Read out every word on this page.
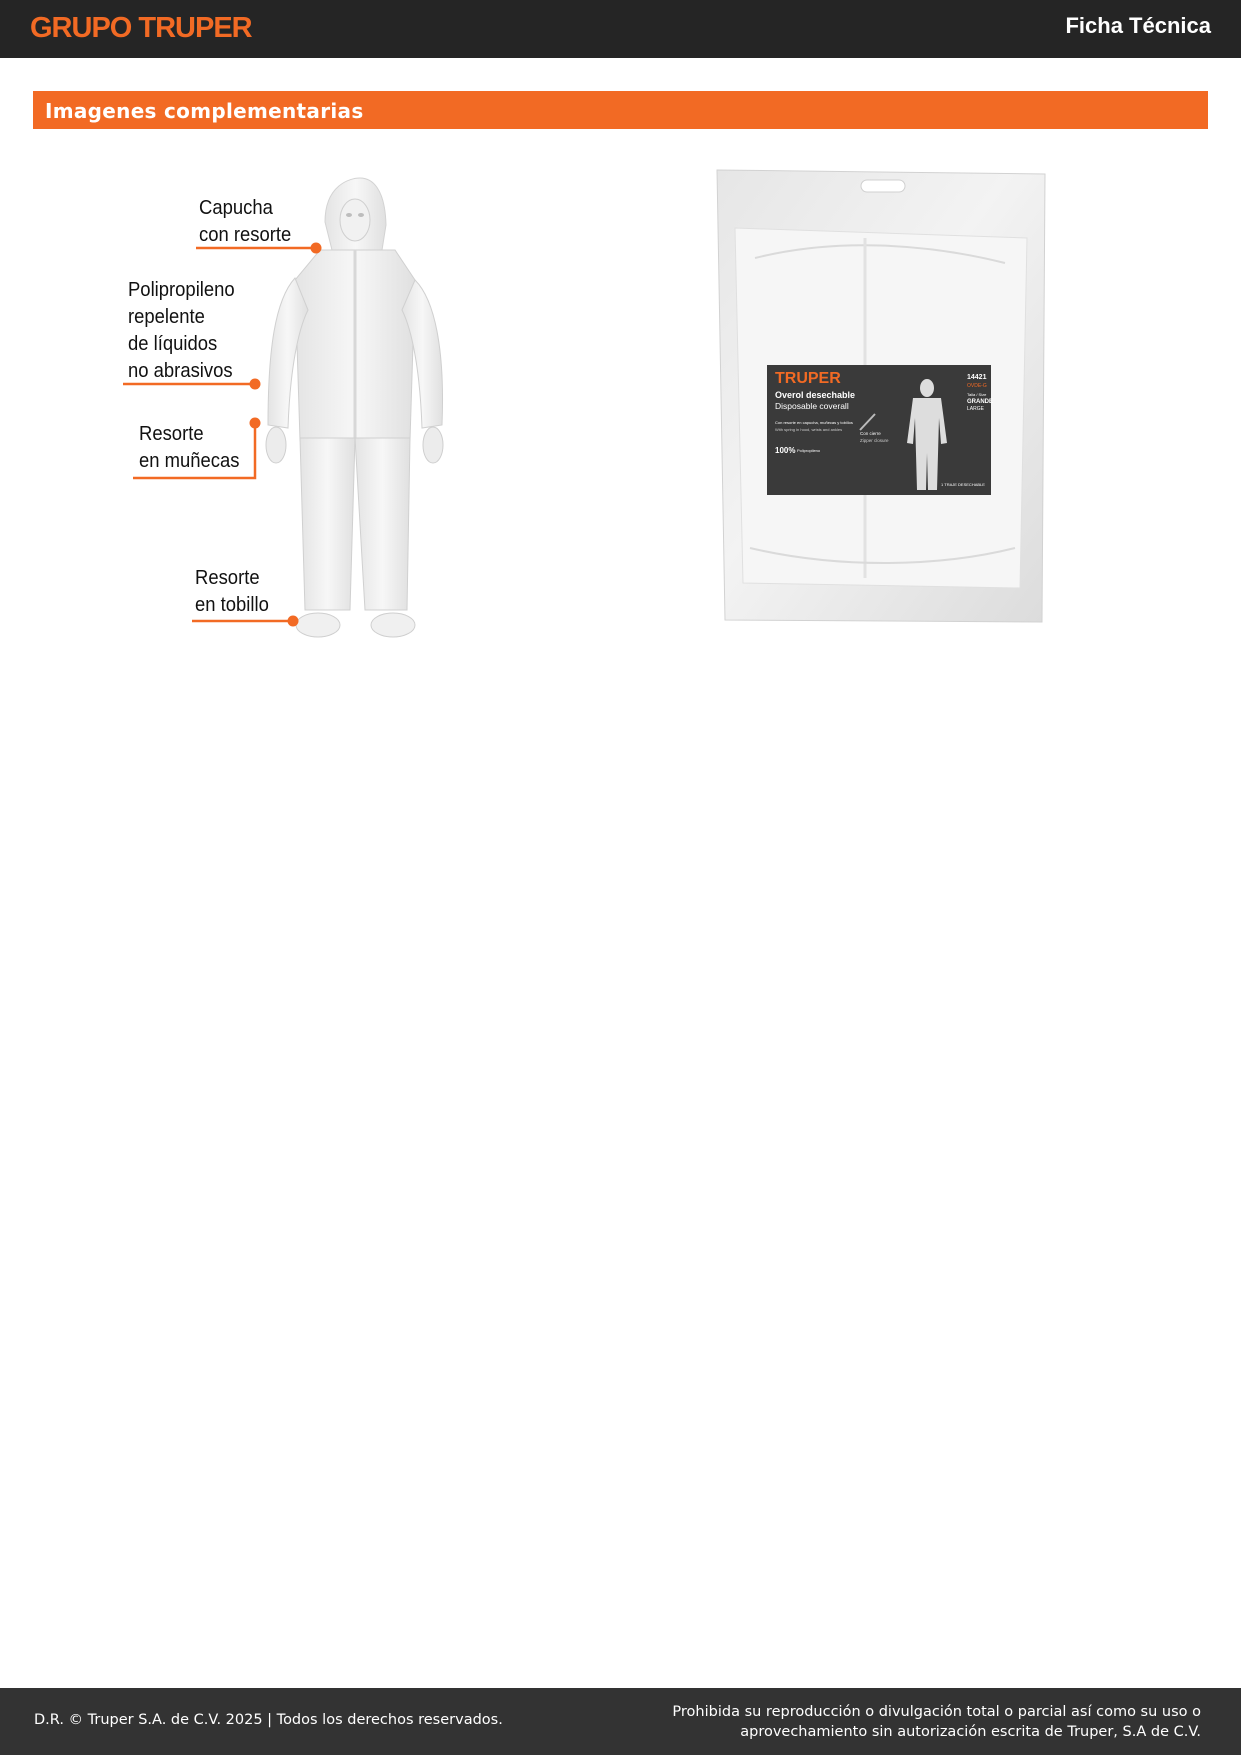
GRUPO TRUPER	Ficha Técnica
Imagenes complementarias
Capucha
con resorte
Polipropileno
repelente
de líquidos
no abrasivos
Resorte
en muñecas
Resorte
en tobillo
TRUPER	14421
OVDE-G
Overol desechable
Disposable coverall
Talla / Size
GRANDE
LARGE
Con resorte en capucha, muñecas y tobillos
With spring in hood, wrists and ankles
Con cierre
Zipper closure
100% Polipropileno
1 TRAJE DESECHABLE
D.R. © Truper S.A. de C.V. 2025 | Todos los derechos reservados.	Prohibida su reproducción o divulgación total o parcial así como su uso o
aprovechamiento sin autorización escrita de Truper, S.A de C.V.
